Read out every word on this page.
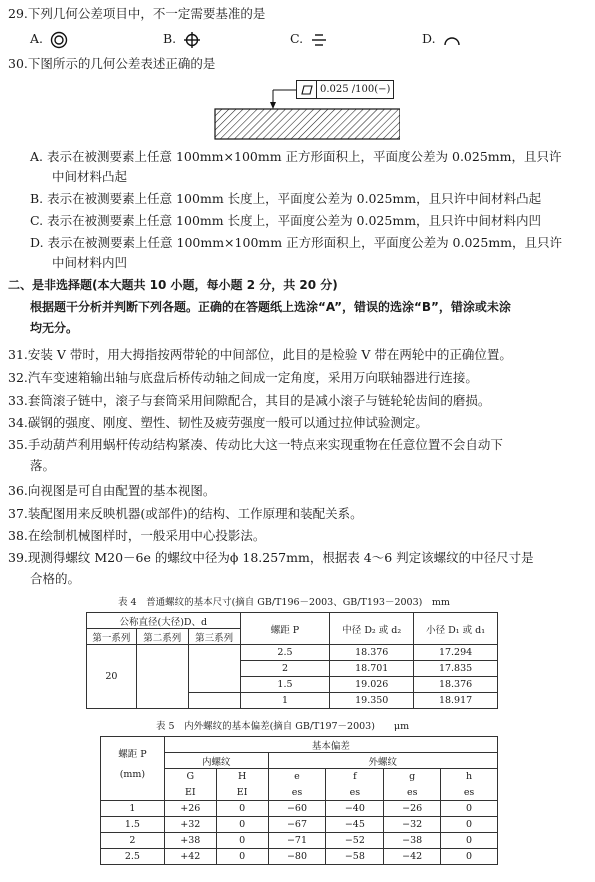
29.下列几何公差项目中，不一定需要基准的是
A.	B.	C.	D.
30.下图所示的几何公差表述正确的是
0.025 /100(−)
A. 表示在被测要素上任意 100mm×100mm 正方形面积上，平面度公差为 0.025mm，且只许
中间材料凸起
B. 表示在被测要素上任意 100mm 长度上，平面度公差为 0.025mm，且只许中间材料凸起
C. 表示在被测要素上任意 100mm 长度上，平面度公差为 0.025mm，且只许中间材料内凹
D. 表示在被测要素上任意 100mm×100mm 正方形面积上，平面度公差为 0.025mm，且只许
中间材料内凹
二、是非选择题(本大题共 10 小题，每小题 2 分，共 20 分)
根据题干分析并判断下列各题。正确的在答题纸上选涂“A”，错误的选涂“B”，错涂或未涂
均无分。
31.安装 V 带时，用大拇指按两带轮的中间部位，此目的是检验 V 带在两轮中的正确位置。
32.汽车变速箱输出轴与底盘后桥传动轴之间成一定角度，采用万向联轴器进行连接。
33.套筒滚子链中，滚子与套筒采用间隙配合，其目的是减小滚子与链轮轮齿间的磨损。
34.碳钢的强度、刚度、塑性、韧性及疲劳强度一般可以通过拉伸试验测定。
35.手动葫芦利用蜗杆传动结构紧凑、传动比大这一特点来实现重物在任意位置不会自动下
落。
36.向视图是可自由配置的基本视图。
37.装配图用来反映机器(或部件)的结构、工作原理和装配关系。
38.在绘制机械图样时，一般采用中心投影法。
39.现测得螺纹 M20－6e 的螺纹中径为ϕ 18.257mm，根据表 4～6 判定该螺纹的中径尺寸是
合格的。
表 4　普通螺纹的基本尺寸(摘自 GB/T196－2003、GB/T193－2003)　mm
公称直径(大径)D、d			螺距 P	中径 D₂ 或 d₂	小径 D₁ 或 d₁
第一系列	第二系列	第三系列			
20			2.5	18.376	17.294
			2	18.701	17.835
			1.5	19.026	18.376
			1	19.350	18.917
表 5　内外螺纹的基本偏差(摘自 GB/T197－2003)　　μm
螺距 P	基本偏差					
	内螺纹		外螺纹			
(mm)	G	H	e	f	g	h
	EI	EI	es	es	es	es
1	+26	0	−60	−40	−26	0
1.5	+32	0	−67	−45	−32	0
2	+38	0	−71	−52	−38	0
2.5	+42	0	−80	−58	−42	0
